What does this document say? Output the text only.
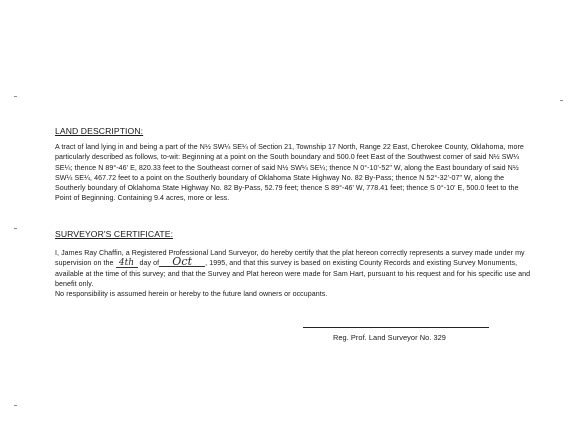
LAND DESCRIPTION:
A tract of land lying in and being a part of the N½ SW¼ SE¼ of Section 21, Township 17 North, Range 22 East, Cherokee County, Oklahoma, more particularly described as follows, to-wit: Beginning at a point on the South boundary and 500.0 feet East of the Southwest corner of said N½ SW¼ SE¼; thence N 89°-46' E, 820.33 feet to the Southeast corner of said N½ SW¼ SE¼; thence N 0°-10'-52" W, along the East boundary of said N½ SW¼ SE¼, 467.72 feet to a point on the Southerly boundary of Oklahoma State Highway No. 82 By-Pass; thence N 52°-32'-07" W, along the Southerly boundary of Oklahoma State Highway No. 82 By-Pass, 52.79 feet; thence S 89°-46' W, 778.41 feet; thence S 0°-10' E, 500.0 feet to the Point of Beginning. Containing 9.4 acres, more or less.
SURVEYOR'S CERTIFICATE:
I, James Ray Chaffin, a Registered Professional Land Surveyor, do hereby certify that the plat hereon correctly represents a survey made under my supervision on the 4th day of Oct , 1995, and that this survey is based on existing County Records and existing Survey Monuments, available at the time of this survey; and that the Survey and Plat hereon were made for Sam Hart, pursuant to his request and for his specific use and benefit only.
No responsibility is assumed herein or hereby to the future land owners or occupants.
Reg. Prof. Land Surveyor No. 329
